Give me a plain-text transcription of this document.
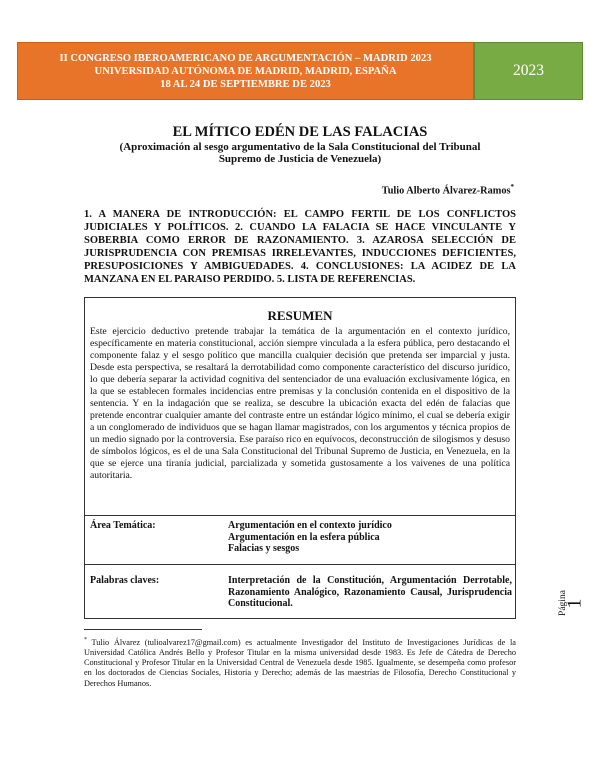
II CONGRESO IBEROAMERICANO DE ARGUMENTACIÓN – MADRID 2023
UNIVERSIDAD AUTÓNOMA DE MADRID, MADRID, ESPAÑA
18 AL 24 DE SEPTIEMBRE DE 2023
2023
EL MÍTICO EDÉN DE LAS FALACIAS
(Aproximación al sesgo argumentativo de la Sala Constitucional del Tribunal Supremo de Justicia de Venezuela)
Tulio Alberto Álvarez-Ramos*
1. A MANERA DE INTRODUCCIÓN: EL CAMPO FERTIL DE LOS CONFLICTOS JUDICIALES Y POLÍTICOS. 2. CUANDO LA FALACIA SE HACE VINCULANTE Y SOBERBIA COMO ERROR DE RAZONAMIENTO. 3. AZAROSA SELECCIÓN DE JURISPRUDENCIA CON PREMISAS IRRELEVANTES, INDUCCIONES DEFICIENTES, PRESUPOSICIONES Y AMBIGUEDADES. 4. CONCLUSIONES: LA ACIDEZ DE LA MANZANA EN EL PARAISO PERDIDO. 5. LISTA DE REFERENCIAS.
RESUMEN
Este ejercicio deductivo pretende trabajar la temática de la argumentación en el contexto jurídico, específicamente en materia constitucional, acción siempre vinculada a la esfera pública, pero destacando el componente falaz y el sesgo político que mancilla cualquier decisión que pretenda ser imparcial y justa. Desde esta perspectiva, se resaltará la derrotabilidad como componente característico del discurso jurídico, lo que debería separar la actividad cognitiva del sentenciador de una evaluación exclusivamente lógica, en la que se establecen formales incidencias entre premisas y la conclusión contenida en el dispositivo de la sentencia. Y en la indagación que se realiza, se descubre la ubicación exacta del edén de falacias que pretende encontrar cualquier amante del contraste entre un estándar lógico mínimo, el cual se debería exigir a un conglomerado de individuos que se hagan llamar magistrados, con los argumentos y técnica propios de un medio signado por la controversia. Ese paraíso rico en equívocos, deconstrucción de silogismos y desuso de símbolos lógicos, es el de una Sala Constitucional del Tribunal Supremo de Justicia, en Venezuela, en la que se ejerce una tiranía judicial, parcializada y sometida gustosamente a los vaivenes de una política autoritaria.
Área Temática:	Argumentación en el contexto jurídico
Argumentación en la esfera pública
Falacias y sesgos
Palabras claves:	Interpretación de la Constitución, Argumentación Derrotable, Razonamiento Analógico, Razonamiento Causal, Jurisprudencia Constitucional.
* Tulio Álvarez (tulioalvarez17@gmail.com) es actualmente Investigador del Instituto de Investigaciones Jurídicas de la Universidad Católica Andrés Bello y Profesor Titular en la misma universidad desde 1983. Es Jefe de Cátedra de Derecho Constitucional y Profesor Titular en la Universidad Central de Venezuela desde 1985. Igualmente, se desempeña como profesor en los doctorados de Ciencias Sociales, Historia y Derecho; además de las maestrías de Filosofía, Derecho Constitucional y Derechos Humanos.
Página
1
